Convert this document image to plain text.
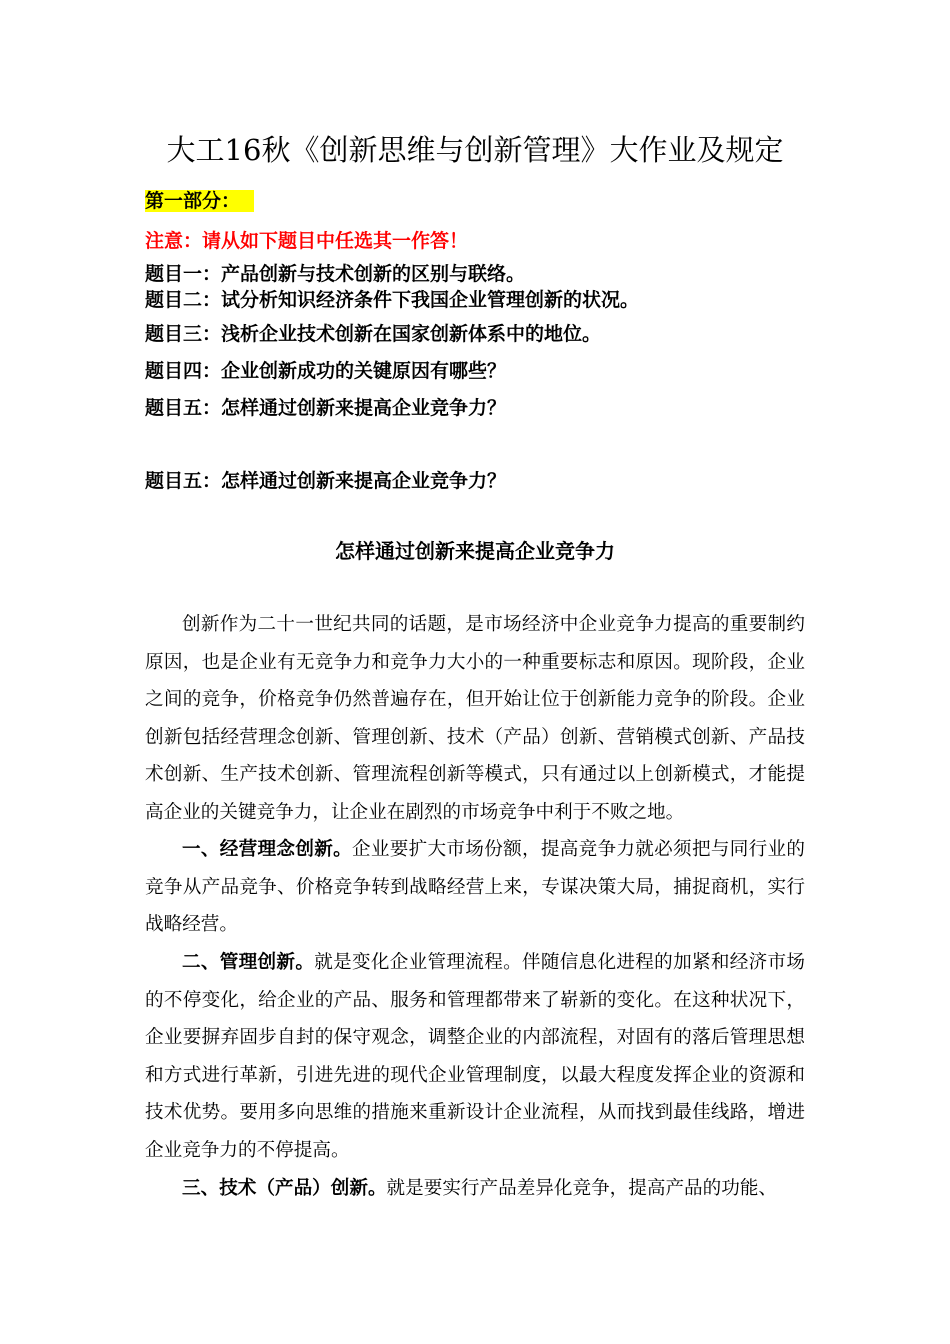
大工16秋《创新思维与创新管理》大作业及规定

第一部分：

注意：请从如下题目中任选其一作答！

题目一：产品创新与技术创新的区别与联络。

题目二：试分析知识经济条件下我国企业管理创新的状况。

题目三：浅析企业技术创新在国家创新体系中的地位。

题目四：企业创新成功的关键原因有哪些？

题目五：怎样通过创新来提高企业竞争力？

题目五：怎样通过创新来提高企业竞争力？

怎样通过创新来提高企业竞争力

创新作为二十一世纪共同的话题，是市场经济中企业竞争力提高的重要制约原因，也是企业有无竞争力和竞争力大小的一种重要标志和原因。现阶段，企业之间的竞争，价格竞争仍然普遍存在，但开始让位于创新能力竞争的阶段。企业创新包括经营理念创新、管理创新、技术（产品）创新、营销模式创新、产品技术创新、生产技术创新、管理流程创新等模式，只有通过以上创新模式，才能提高企业的关键竞争力，让企业在剧烈的市场竞争中利于不败之地。

一、经营理念创新。企业要扩大市场份额，提高竞争力就必须把与同行业的竞争从产品竞争、价格竞争转到战略经营上来，专谋决策大局，捕捉商机，实行战略经营。

二、管理创新。就是变化企业管理流程。伴随信息化进程的加紧和经济市场的不停变化，给企业的产品、服务和管理都带来了崭新的变化。在这种状况下，企业要摒弃固步自封的保守观念，调整企业的内部流程，对固有的落后管理思想和方式进行革新，引进先进的现代企业管理制度，以最大程度发挥企业的资源和技术优势。要用多向思维的措施来重新设计企业流程，从而找到最佳线路，增进企业竞争力的不停提高。

三、技术（产品）创新。就是要实行产品差异化竞争，提高产品的功能、
